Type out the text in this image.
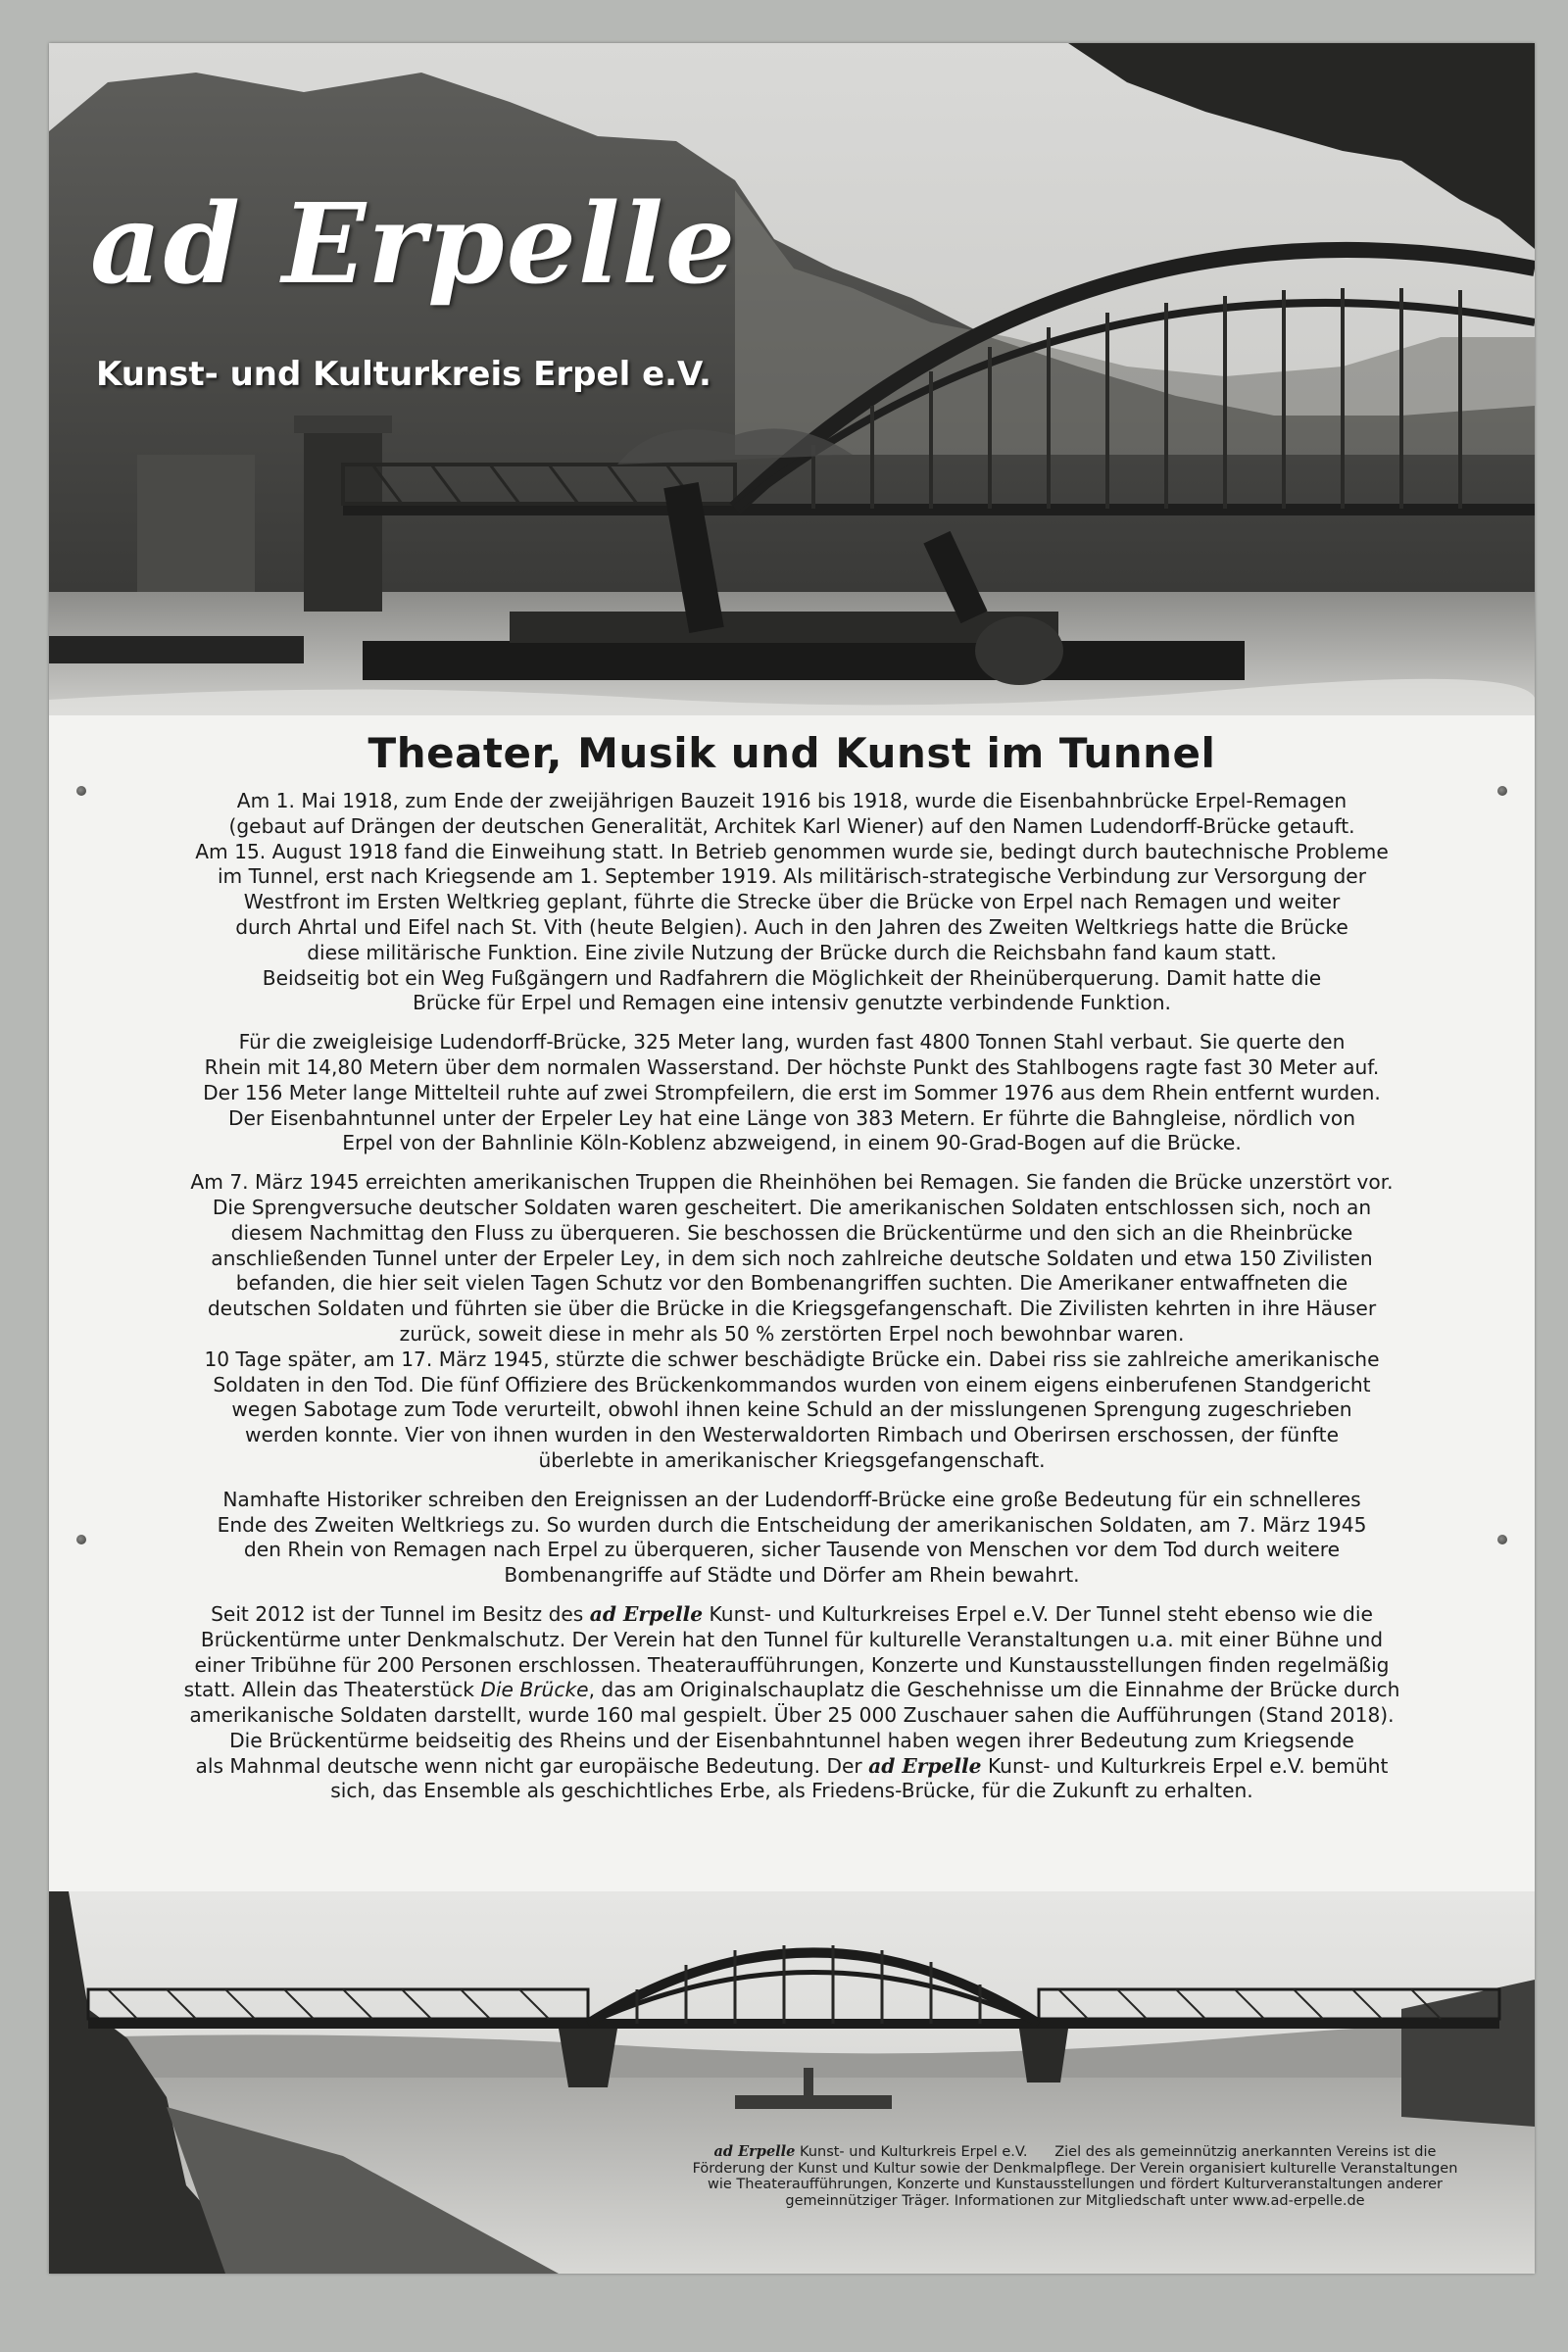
ad Erpelle
Kunst- und Kulturkreis Erpel e.V.
Theater, Musik und Kunst im Tunnel

Am 1. Mai 1918, zum Ende der zweijährigen Bauzeit 1916 bis 1918, wurde die Eisenbahnbrücke Erpel-Remagen
(gebaut auf Drängen der deutschen Generalität, Architek Karl Wiener) auf den Namen Ludendorff-Brücke getauft.
Am 15. August 1918 fand die Einweihung statt. In Betrieb genommen wurde sie, bedingt durch bautechnische Probleme
im Tunnel, erst nach Kriegsende am 1. September 1919. Als militärisch-strategische Verbindung zur Versorgung der
Westfront im Ersten Weltkrieg geplant, führte die Strecke über die Brücke von Erpel nach Remagen und weiter
durch Ahrtal und Eifel nach St. Vith (heute Belgien). Auch in den Jahren des Zweiten Weltkriegs hatte die Brücke
diese militärische Funktion. Eine zivile Nutzung der Brücke durch die Reichsbahn fand kaum statt.
Beidseitig bot ein Weg Fußgängern und Radfahrern die Möglichkeit der Rheinüberquerung. Damit hatte die
Brücke für Erpel und Remagen eine intensiv genutzte verbindende Funktion.

Für die zweigleisige Ludendorff-Brücke, 325 Meter lang, wurden fast 4800 Tonnen Stahl verbaut. Sie querte den
Rhein mit 14,80 Metern über dem normalen Wasserstand. Der höchste Punkt des Stahlbogens ragte fast 30 Meter auf.
Der 156 Meter lange Mittelteil ruhte auf zwei Strompfeilern, die erst im Sommer 1976 aus dem Rhein entfernt wurden.
Der Eisenbahntunnel unter der Erpeler Ley hat eine Länge von 383 Metern. Er führte die Bahngleise, nördlich von
Erpel von der Bahnlinie Köln-Koblenz abzweigend, in einem 90-Grad-Bogen auf die Brücke.

Am 7. März 1945 erreichten amerikanischen Truppen die Rheinhöhen bei Remagen. Sie fanden die Brücke unzerstört vor.
Die Sprengversuche deutscher Soldaten waren gescheitert. Die amerikanischen Soldaten entschlossen sich, noch an
diesem Nachmittag den Fluss zu überqueren. Sie beschossen die Brückentürme und den sich an die Rheinbrücke
anschließenden Tunnel unter der Erpeler Ley, in dem sich noch zahlreiche deutsche Soldaten und etwa 150 Zivilisten
befanden, die hier seit vielen Tagen Schutz vor den Bombenangriffen suchten. Die Amerikaner entwaffneten die
deutschen Soldaten und führten sie über die Brücke in die Kriegsgefangenschaft. Die Zivilisten kehrten in ihre Häuser
zurück, soweit diese in mehr als 50 % zerstörten Erpel noch bewohnbar waren.
10 Tage später, am 17. März 1945, stürzte die schwer beschädigte Brücke ein. Dabei riss sie zahlreiche amerikanische
Soldaten in den Tod. Die fünf Offiziere des Brückenkommandos wurden von einem eigens einberufenen Standgericht
wegen Sabotage zum Tode verurteilt, obwohl ihnen keine Schuld an der misslungenen Sprengung zugeschrieben
werden konnte. Vier von ihnen wurden in den Westerwaldorten Rimbach und Oberirsen erschossen, der fünfte
überlebte in amerikanischer Kriegsgefangenschaft.

Namhafte Historiker schreiben den Ereignissen an der Ludendorff-Brücke eine große Bedeutung für ein schnelleres
Ende des Zweiten Weltkriegs zu. So wurden durch die Entscheidung der amerikanischen Soldaten, am 7. März 1945
den Rhein von Remagen nach Erpel zu überqueren, sicher Tausende von Menschen vor dem Tod durch weitere
Bombenangriffe auf Städte und Dörfer am Rhein bewahrt.

Seit 2012 ist der Tunnel im Besitz des ad Erpelle Kunst- und Kulturkreises Erpel e.V. Der Tunnel steht ebenso wie die
Brückentürme unter Denkmalschutz. Der Verein hat den Tunnel für kulturelle Veranstaltungen u.a. mit einer Bühne und
einer Tribühne für 200 Personen erschlossen. Theateraufführungen, Konzerte und Kunstausstellungen finden regelmäßig
statt. Allein das Theaterstück Die Brücke, das am Originalschauplatz die Geschehnisse um die Einnahme der Brücke durch
amerikanische Soldaten darstellt, wurde 160 mal gespielt. Über 25 000 Zuschauer sahen die Aufführungen (Stand 2018).
Die Brückentürme beidseitig des Rheins und der Eisenbahntunnel haben wegen ihrer Bedeutung zum Kriegsende
als Mahnmal deutsche wenn nicht gar europäische Bedeutung. Der ad Erpelle Kunst- und Kulturkreis Erpel e.V. bemüht
sich, das Ensemble als geschichtliches Erbe, als Friedens-Brücke, für die Zukunft zu erhalten.

ad Erpelle Kunst- und Kulturkreis Erpel e.V. Ziel des als gemeinnützig anerkannten Vereins ist die
Förderung der Kunst und Kultur sowie der Denkmalpflege. Der Verein organisiert kulturelle Veranstaltungen
wie Theateraufführungen, Konzerte und Kunstausstellungen und fördert Kulturveranstaltungen anderer
gemeinnütziger Träger. Informationen zur Mitgliedschaft unter www.ad-erpelle.de
